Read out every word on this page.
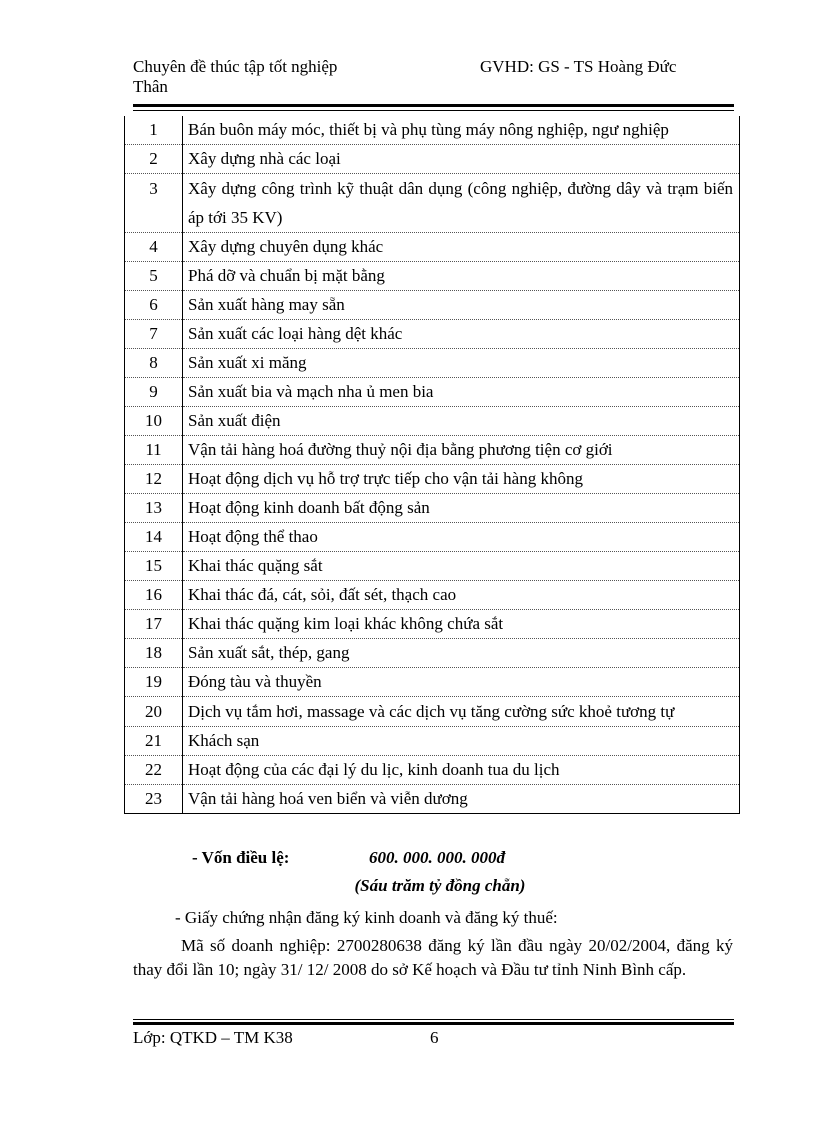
Chuyên đề thúc tập tốt nghiệp	GVHD: GS - TS Hoàng Đức
Thân
1	Bán buôn máy móc, thiết bị và phụ tùng máy nông nghiệp, ngư nghiệp
2	Xây dựng nhà các loại
3	Xây dựng công trình kỹ thuật dân dụng (công nghiệp, đường dây và trạm biến áp tới 35 KV)
4	Xây dựng chuyên dụng khác
5	Phá dỡ và chuẩn bị mặt bằng
6	Sản xuất hàng may sẵn
7	Sản xuất các loại hàng dệt khác
8	Sản xuất xi măng
9	Sản xuất bia và mạch nha ủ men bia
10	Sản xuất điện
11	Vận tải hàng hoá đường thuỷ nội địa bằng phương tiện cơ giới
12	Hoạt động dịch vụ hỗ trợ trực tiếp cho vận tải hàng không
13	Hoạt động kinh doanh bất động sản
14	Hoạt động thể thao
15	Khai thác quặng sắt
16	Khai thác đá, cát, sỏi, đất sét, thạch cao
17	Khai thác quặng kim loại khác không chứa sắt
18	Sản xuất sắt, thép, gang
19	Đóng tàu và thuyền
20	Dịch vụ tắm hơi, massage và các dịch vụ tăng cường sức khoẻ tương tự
21	Khách sạn
22	Hoạt động của các đại lý du lịc, kinh doanh tua du lịch
23	Vận tải hàng hoá ven biển và viễn dương
- Vốn điều lệ:	600. 000. 000. 000đ
(Sáu trăm tỷ đồng chẵn)
- Giấy chứng nhận đăng ký kinh doanh và đăng ký thuế:
Mã số doanh nghiệp: 2700280638 đăng ký lần đầu ngày 20/02/2004, đăng ký thay đổi lần 10; ngày 31/ 12/ 2008 do sở Kế hoạch và Đầu tư tỉnh Ninh Bình cấp.
Lớp: QTKD – TM K38	6
